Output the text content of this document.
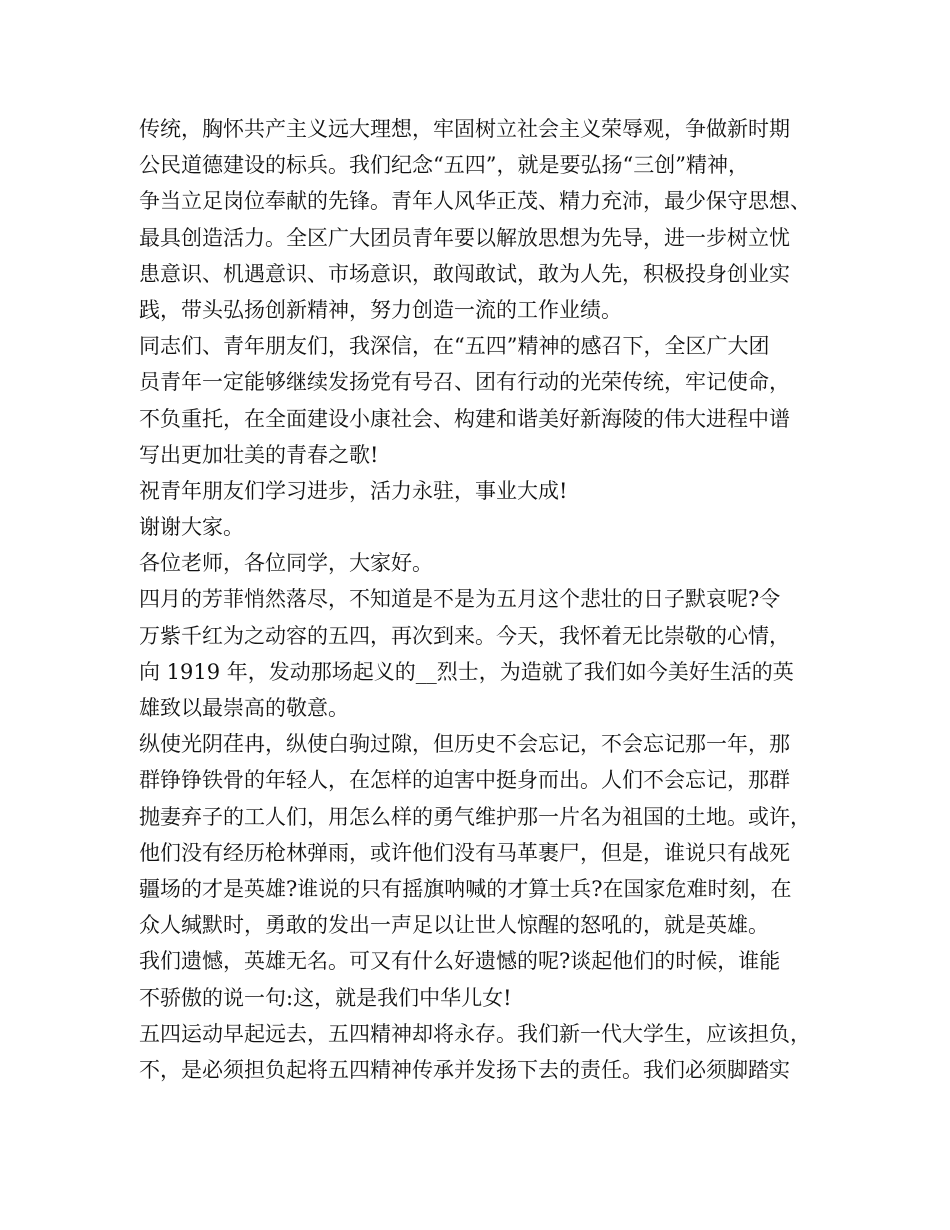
传统，胸怀共产主义远大理想，牢固树立社会主义荣辱观，争做新时期
公民道德建设的标兵。我们纪念“五四”，就是要弘扬“三创”精神，
争当立足岗位奉献的先锋。青年人风华正茂、精力充沛，最少保守思想、
最具创造活力。全区广大团员青年要以解放思想为先导，进一步树立忧
患意识、机遇意识、市场意识，敢闯敢试，敢为人先，积极投身创业实
践，带头弘扬创新精神，努力创造一流的工作业绩。
同志们、青年朋友们，我深信，在“五四”精神的感召下，全区广大团
员青年一定能够继续发扬党有号召、团有行动的光荣传统，牢记使命，
不负重托，在全面建设小康社会、构建和谐美好新海陵的伟大进程中谱
写出更加壮美的青春之歌!
祝青年朋友们学习进步，活力永驻，事业大成!
谢谢大家。
各位老师，各位同学，大家好。
四月的芳菲悄然落尽，不知道是不是为五月这个悲壮的日子默哀呢?令
万紫千红为之动容的五四，再次到来。今天，我怀着无比崇敬的心情，
向 1919 年，发动那场起义的__烈士，为造就了我们如今美好生活的英
雄致以最崇高的敬意。
纵使光阴荏冉，纵使白驹过隙，但历史不会忘记，不会忘记那一年，那
群铮铮铁骨的年轻人，在怎样的迫害中挺身而出。人们不会忘记，那群
抛妻弃子的工人们，用怎么样的勇气维护那一片名为祖国的土地。或许，
他们没有经历枪林弹雨，或许他们没有马革裹尸，但是，谁说只有战死
疆场的才是英雄?谁说的只有摇旗呐喊的才算士兵?在国家危难时刻，在
众人缄默时，勇敢的发出一声足以让世人惊醒的怒吼的，就是英雄。
我们遗憾，英雄无名。可又有什么好遗憾的呢?谈起他们的时候，谁能
不骄傲的说一句:这，就是我们中华儿女!
五四运动早起远去，五四精神却将永存。我们新一代大学生，应该担负，
不，是必须担负起将五四精神传承并发扬下去的责任。我们必须脚踏实
